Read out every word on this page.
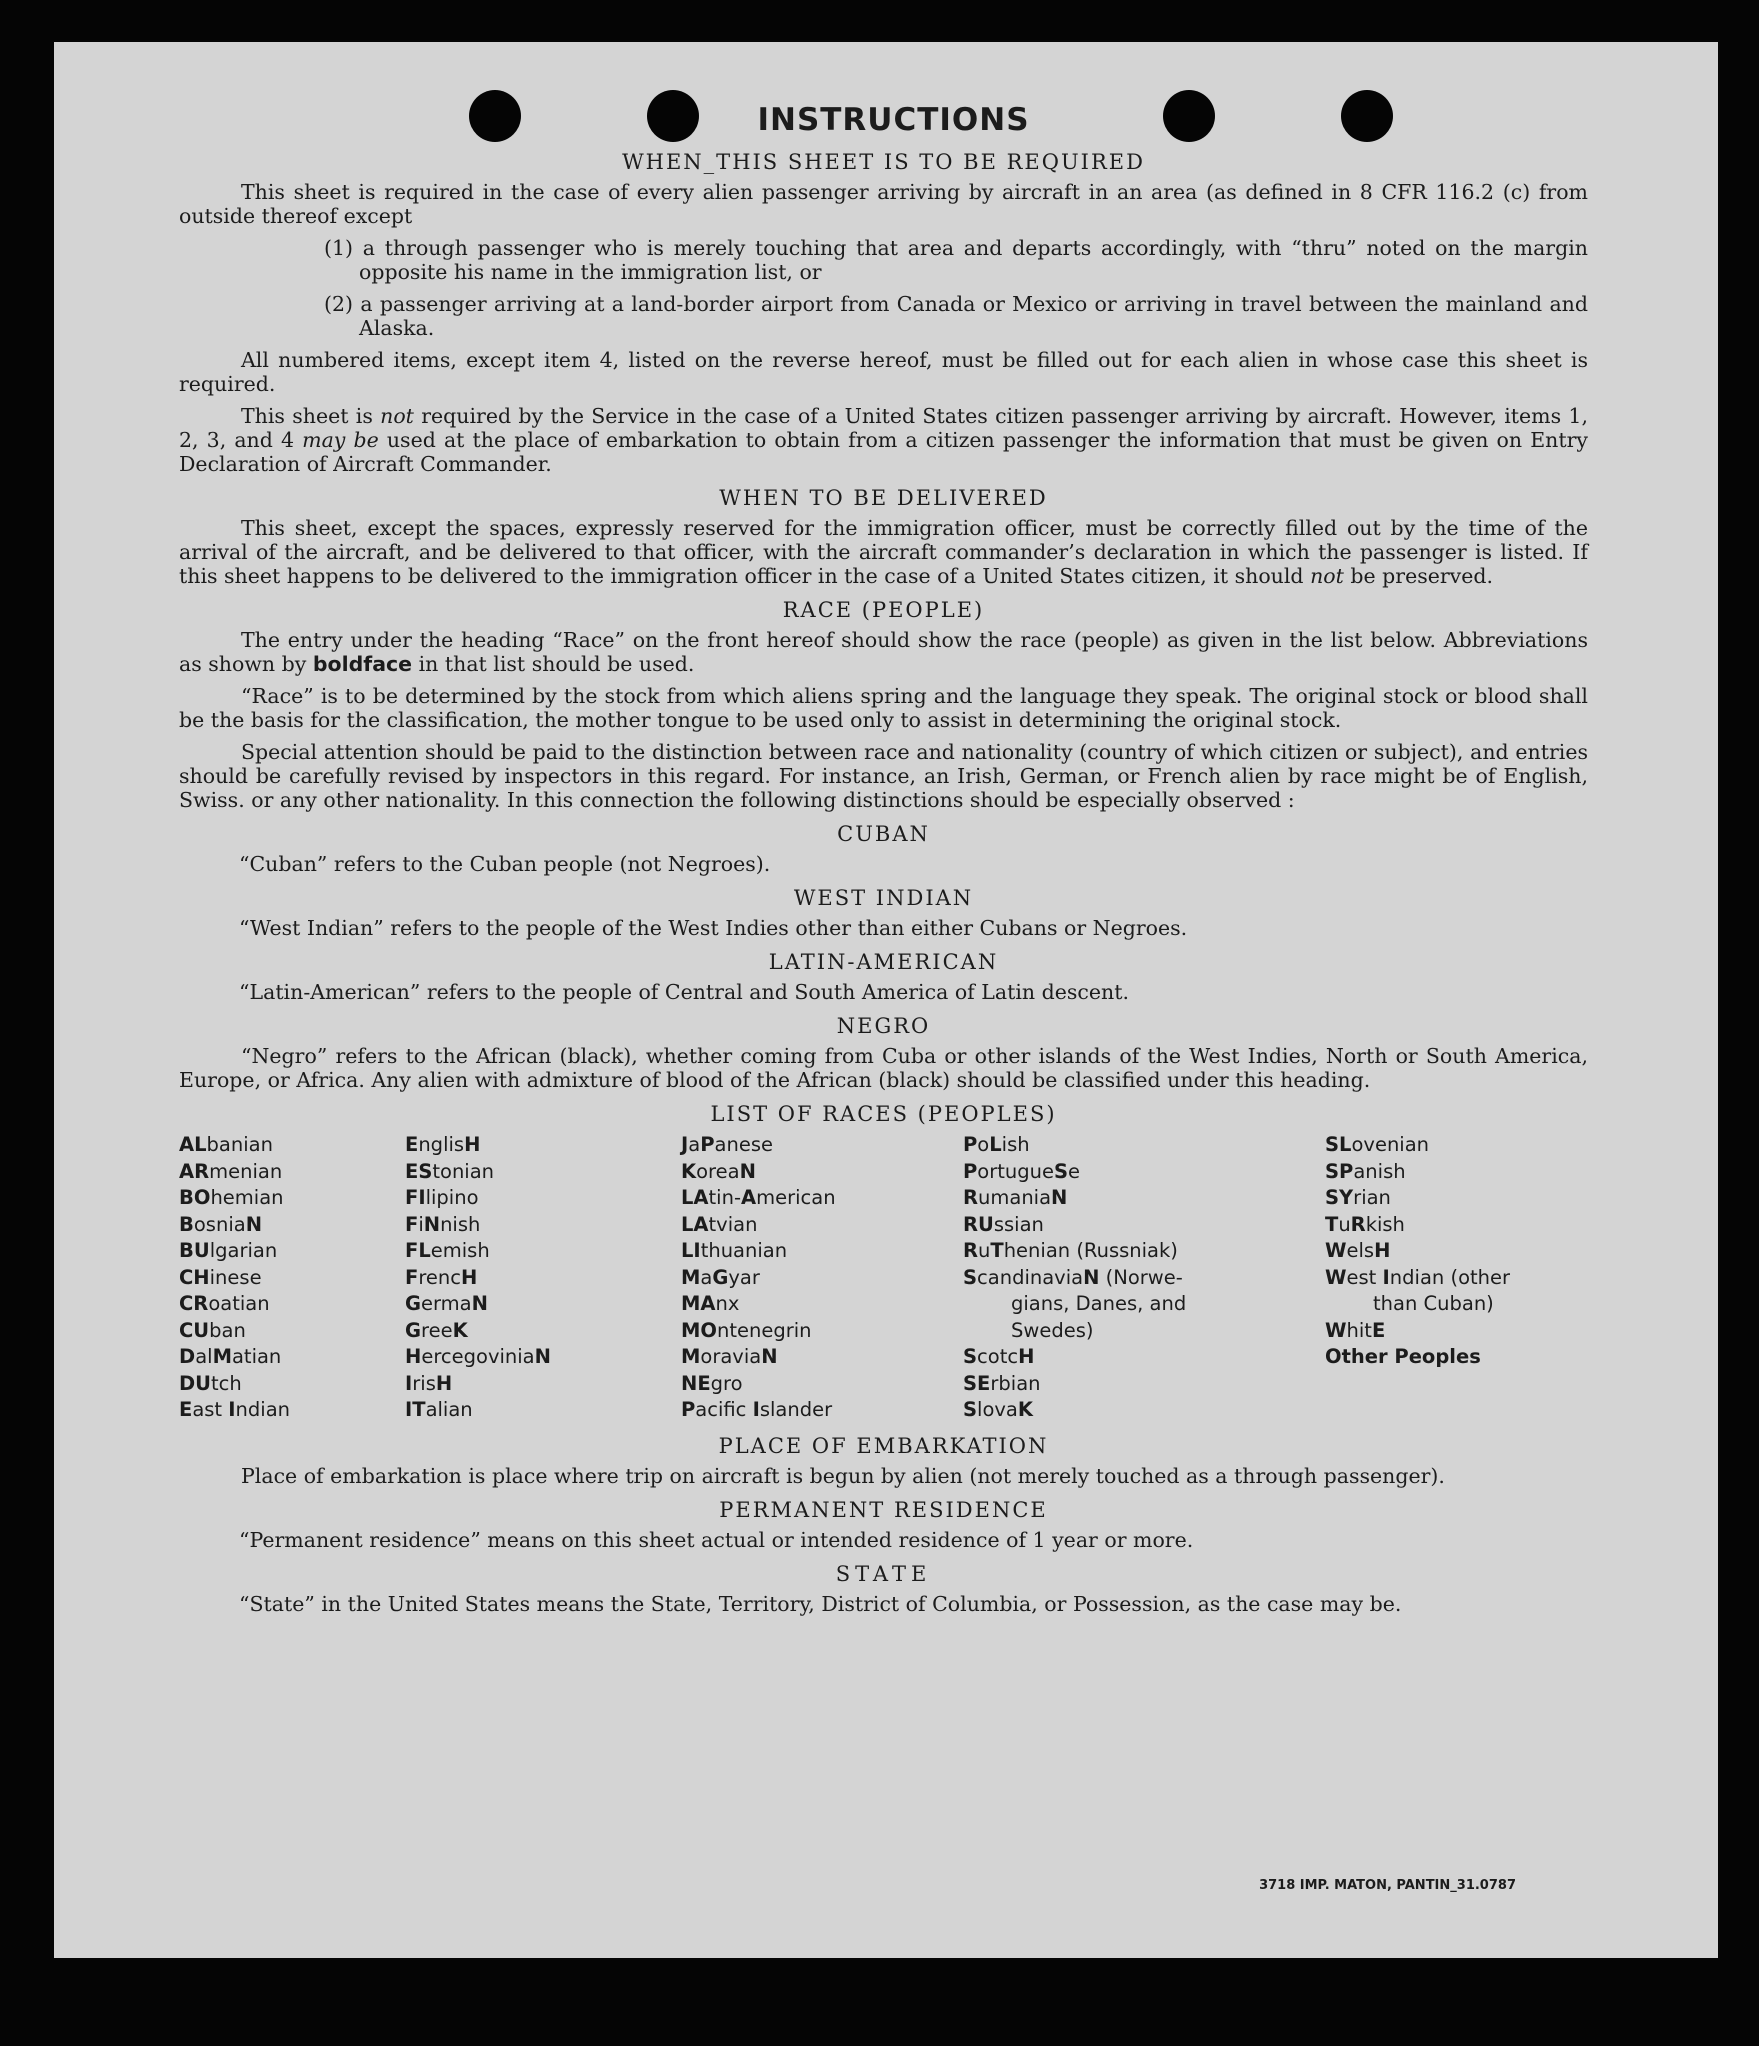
INSTRUCTIONS
WHEN_THIS SHEET IS TO BE REQUIRED

This sheet is required in the case of every alien passenger arriving by aircraft in an area (as defined in 8 CFR 116.2 (c) from outside thereof except

(1) a through passenger who is merely touching that area and departs accordingly, with “thru” noted on the margin opposite his name in the immigration list, or

(2) a passenger arriving at a land-border airport from Canada or Mexico or arriving in travel between the mainland and Alaska.

All numbered items, except item 4, listed on the reverse hereof, must be filled out for each alien in whose case this sheet is required.

This sheet is not required by the Service in the case of a United States citizen passenger arriving by aircraft. However, items 1, 2, 3, and 4 may be used at the place of embarkation to obtain from a citizen passenger the information that must be given on Entry Declaration of Aircraft Commander.

WHEN TO BE DELIVERED

This sheet, except the spaces, expressly reserved for the immigration officer, must be correctly filled out by the time of the arrival of the aircraft, and be delivered to that officer, with the aircraft commander’s declaration in which the passenger is listed. If this sheet happens to be delivered to the immigration officer in the case of a United States citizen, it should not be preserved.

RACE (PEOPLE)

The entry under the heading “Race” on the front hereof should show the race (people) as given in the list below. Abbreviations as shown by boldface in that list should be used.

“Race” is to be determined by the stock from which aliens spring and the language they speak. The original stock or blood shall be the basis for the classification, the mother tongue to be used only to assist in determining the original stock.

Special attention should be paid to the distinction between race and nationality (country of which citizen or subject), and entries should be carefully revised by inspectors in this regard. For instance, an Irish, German, or French alien by race might be of English, Swiss. or any other nationality. In this connection the following distinctions should be especially observed :

CUBAN

“Cuban” refers to the Cuban people (not Negroes).

WEST INDIAN

“West Indian” refers to the people of the West Indies other than either Cubans or Negroes.

LATIN-AMERICAN

“Latin-American” refers to the people of Central and South America of Latin descent.

NEGRO

“Negro” refers to the African (black), whether coming from Cuba or other islands of the West Indies, North or South America, Europe, or Africa. Any alien with admixture of blood of the African (black) should be classified under this heading.

LIST OF RACES (PEOPLES)
ALbanian
ARmenian
BOhemian
BosniaN
BUlgarian
CHinese
CRoatian
CUban
DalMatian
DUtch
East Indian
EnglisH
EStonian
FIlipino
FiNnish
FLemish
FrencH
GermaN
GreeK
HercegoviniaN
IrisH
ITalian
JaPanese
KoreaN
LAtin-American
LAtvian
LIthuanian
MaGyar
MAnx
MOntenegrin
MoraviaN
NEgro
Pacific Islander
PoLish
PortugueSe
RumaniaN
RUssian
RuThenian (Russniak)
ScandinaviaN (Norwe-
gians, Danes, and
Swedes)
ScotcH
SErbian
SlovaK
SLovenian
SPanish
SYrian
TuRkish
WelsH
West Indian (other
than Cuban)
WhitE
Other Peoples
PLACE OF EMBARKATION

Place of embarkation is place where trip on aircraft is begun by alien (not merely touched as a through passenger).

PERMANENT RESIDENCE

“Permanent residence” means on this sheet actual or intended residence of 1 year or more.

STATE

“State” in the United States means the State, Territory, District of Columbia, or Possession, as the case may be.

3718 IMP. MATON, PANTIN_31.0787
